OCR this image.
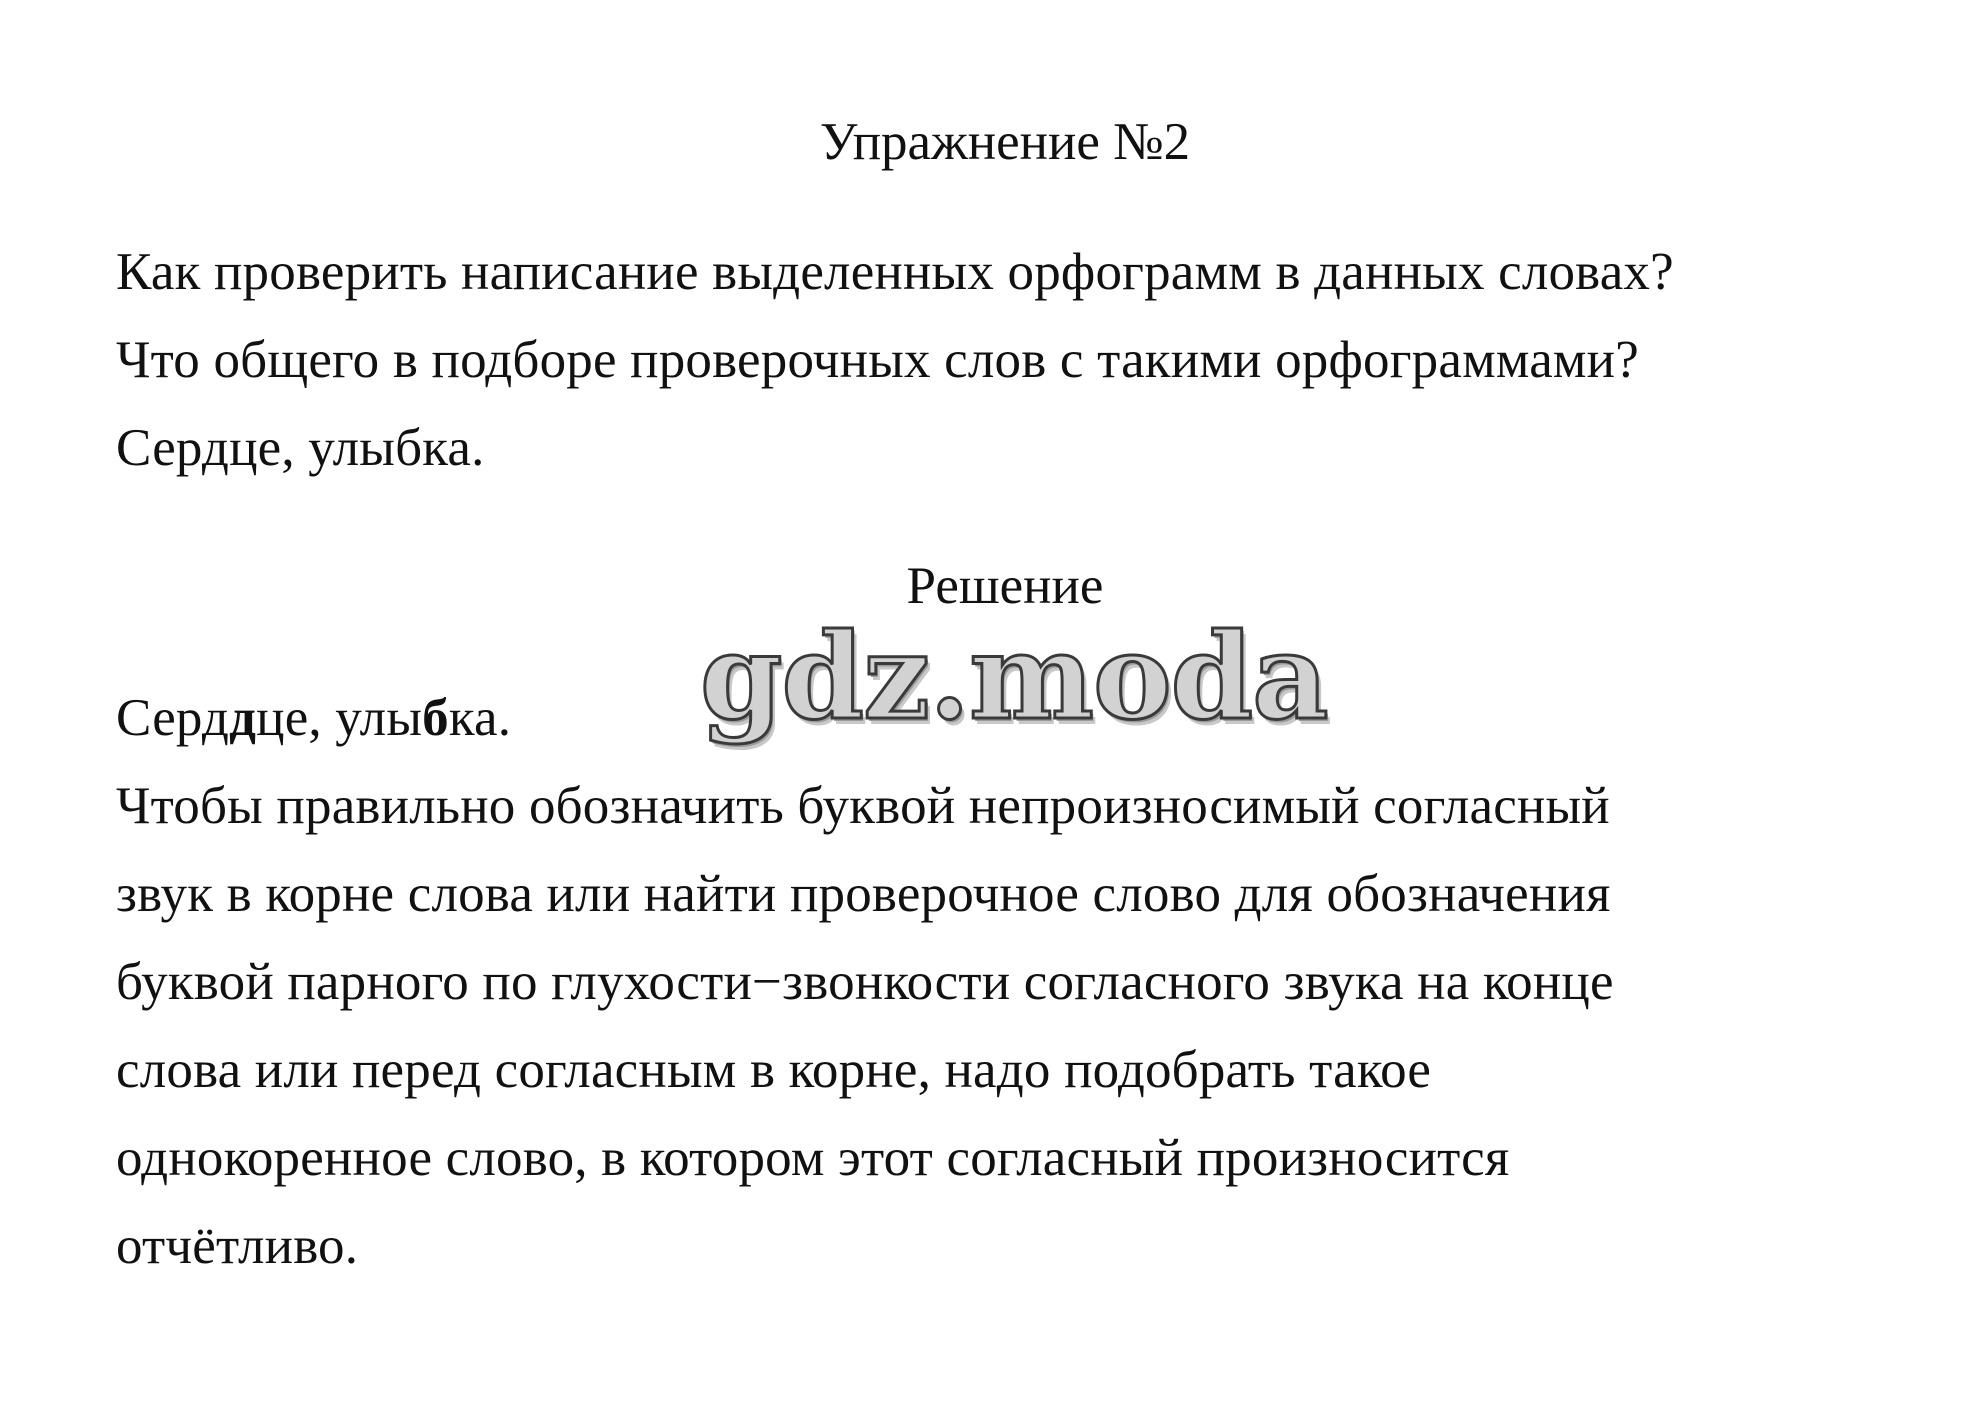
Упражнение №2
Как проверить написание выделенных орфограмм в данных словах?
Что общего в подборе проверочных слов с такими орфограммами?
Сердце, улыбка.
Решение
gdz.moda
Серддце, улыбка.
Чтобы правильно обозначить буквой непроизносимый согласный
звук в корне слова или найти проверочное слово для обозначения
буквой парного по глухости−звонкости согласного звука на конце
слова или перед согласным в корне, надо подобрать такое
однокоренное слово, в котором этот согласный произносится
отчётливо.
